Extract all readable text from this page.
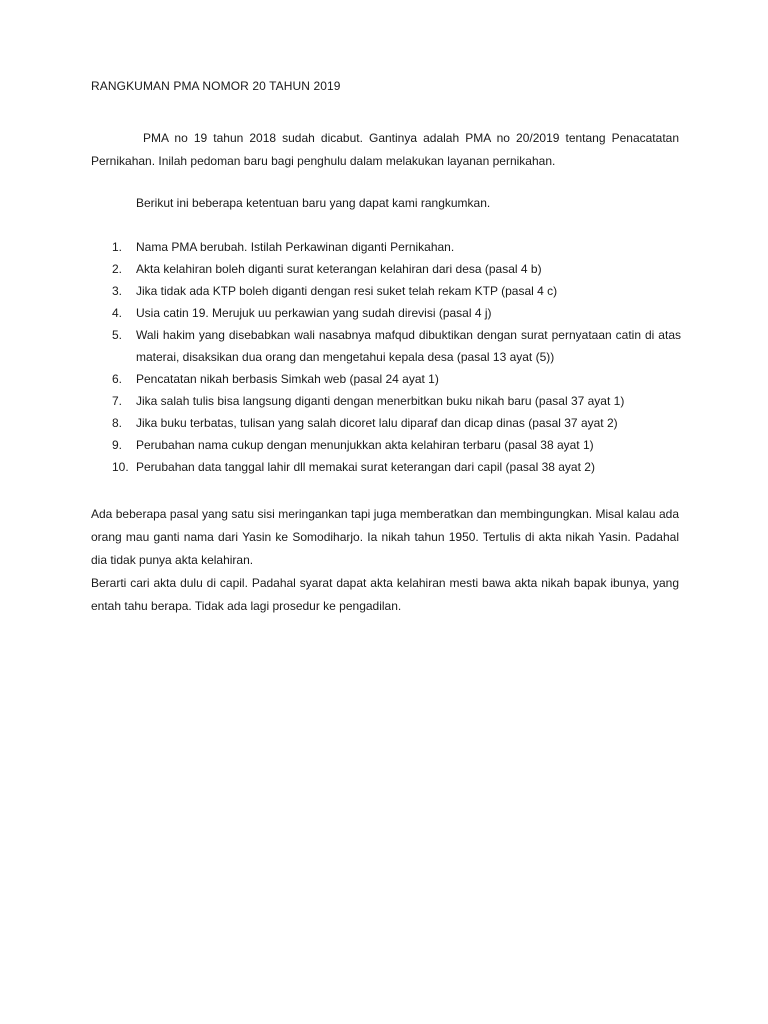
RANGKUMAN PMA NOMOR 20 TAHUN 2019
PMA no 19 tahun 2018 sudah dicabut. Gantinya adalah PMA no 20/2019 tentang Penacatatan Pernikahan. Inilah pedoman baru bagi penghulu dalam melakukan layanan pernikahan.
Berikut ini beberapa ketentuan baru yang dapat kami rangkumkan.
1. Nama PMA berubah. Istilah Perkawinan diganti Pernikahan.
2. Akta kelahiran boleh diganti surat keterangan kelahiran dari desa (pasal 4 b)
3. Jika tidak ada KTP boleh diganti dengan resi suket telah rekam KTP (pasal 4 c)
4. Usia catin 19. Merujuk uu perkawian yang sudah direvisi (pasal 4 j)
5. Wali hakim yang disebabkan wali nasabnya mafqud dibuktikan dengan surat pernyataan catin di atas materai, disaksikan dua orang dan mengetahui kepala desa (pasal 13 ayat (5))
6. Pencatatan nikah berbasis Simkah web (pasal 24 ayat 1)
7. Jika salah tulis bisa langsung diganti dengan menerbitkan buku nikah baru (pasal 37 ayat 1)
8. Jika buku terbatas, tulisan yang salah dicoret lalu diparaf dan dicap dinas (pasal 37 ayat 2)
9. Perubahan nama cukup dengan menunjukkan akta kelahiran terbaru (pasal 38 ayat 1)
10. Perubahan data tanggal lahir dll memakai surat keterangan dari capil (pasal 38 ayat 2)

Ada beberapa pasal yang satu sisi meringankan tapi juga memberatkan dan membingungkan. Misal kalau ada orang mau ganti nama dari Yasin ke Somodiharjo. Ia nikah tahun 1950. Tertulis di akta nikah Yasin. Padahal dia tidak punya akta kelahiran.

Berarti cari akta dulu di capil. Padahal syarat dapat akta kelahiran mesti bawa akta nikah bapak ibunya, yang entah tahu berapa. Tidak ada lagi prosedur ke pengadilan.
